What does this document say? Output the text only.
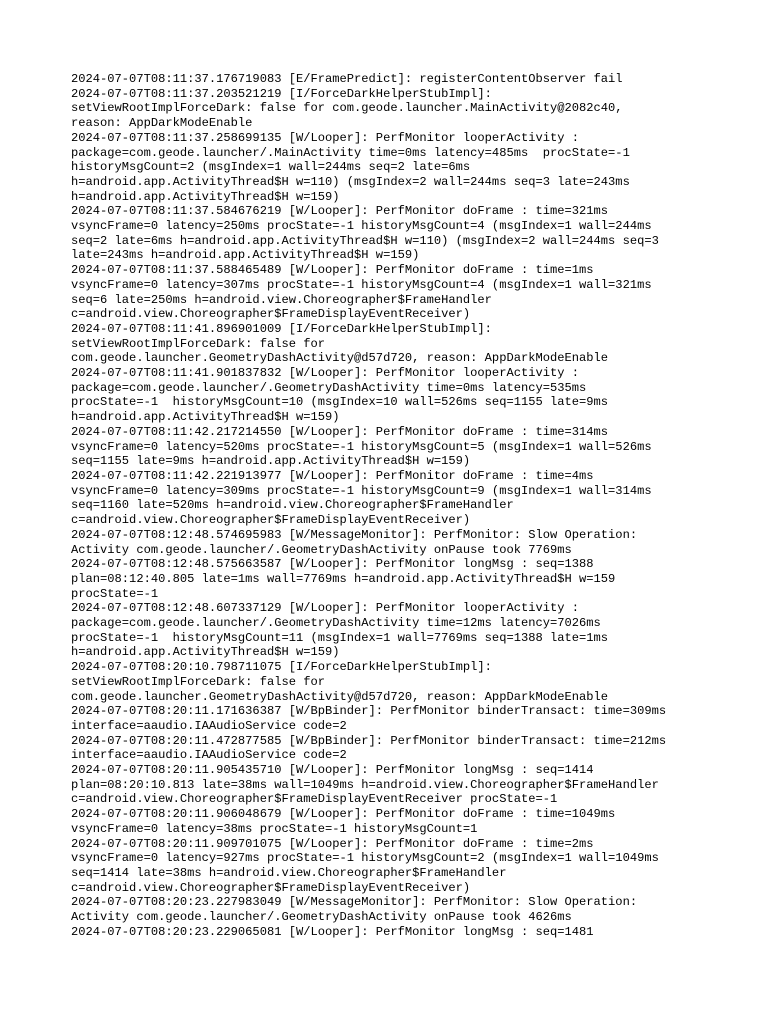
2024-07-07T08:11:37.176719083 [E/FramePredict]: registerContentObserver fail
2024-07-07T08:11:37.203521219 [I/ForceDarkHelperStubImpl]:
setViewRootImplForceDark: false for com.geode.launcher.MainActivity@2082c40,
reason: AppDarkModeEnable
2024-07-07T08:11:37.258699135 [W/Looper]: PerfMonitor looperActivity :
package=com.geode.launcher/.MainActivity time=0ms latency=485ms  procState=-1
historyMsgCount=2 (msgIndex=1 wall=244ms seq=2 late=6ms
h=android.app.ActivityThread$H w=110) (msgIndex=2 wall=244ms seq=3 late=243ms
h=android.app.ActivityThread$H w=159)
2024-07-07T08:11:37.584676219 [W/Looper]: PerfMonitor doFrame : time=321ms
vsyncFrame=0 latency=250ms procState=-1 historyMsgCount=4 (msgIndex=1 wall=244ms
seq=2 late=6ms h=android.app.ActivityThread$H w=110) (msgIndex=2 wall=244ms seq=3
late=243ms h=android.app.ActivityThread$H w=159)
2024-07-07T08:11:37.588465489 [W/Looper]: PerfMonitor doFrame : time=1ms
vsyncFrame=0 latency=307ms procState=-1 historyMsgCount=4 (msgIndex=1 wall=321ms
seq=6 late=250ms h=android.view.Choreographer$FrameHandler
c=android.view.Choreographer$FrameDisplayEventReceiver)
2024-07-07T08:11:41.896901009 [I/ForceDarkHelperStubImpl]:
setViewRootImplForceDark: false for
com.geode.launcher.GeometryDashActivity@d57d720, reason: AppDarkModeEnable
2024-07-07T08:11:41.901837832 [W/Looper]: PerfMonitor looperActivity :
package=com.geode.launcher/.GeometryDashActivity time=0ms latency=535ms
procState=-1  historyMsgCount=10 (msgIndex=10 wall=526ms seq=1155 late=9ms
h=android.app.ActivityThread$H w=159)
2024-07-07T08:11:42.217214550 [W/Looper]: PerfMonitor doFrame : time=314ms
vsyncFrame=0 latency=520ms procState=-1 historyMsgCount=5 (msgIndex=1 wall=526ms
seq=1155 late=9ms h=android.app.ActivityThread$H w=159)
2024-07-07T08:11:42.221913977 [W/Looper]: PerfMonitor doFrame : time=4ms
vsyncFrame=0 latency=309ms procState=-1 historyMsgCount=9 (msgIndex=1 wall=314ms
seq=1160 late=520ms h=android.view.Choreographer$FrameHandler
c=android.view.Choreographer$FrameDisplayEventReceiver)
2024-07-07T08:12:48.574695983 [W/MessageMonitor]: PerfMonitor: Slow Operation:
Activity com.geode.launcher/.GeometryDashActivity onPause took 7769ms
2024-07-07T08:12:48.575663587 [W/Looper]: PerfMonitor longMsg : seq=1388
plan=08:12:40.805 late=1ms wall=7769ms h=android.app.ActivityThread$H w=159
procState=-1
2024-07-07T08:12:48.607337129 [W/Looper]: PerfMonitor looperActivity :
package=com.geode.launcher/.GeometryDashActivity time=12ms latency=7026ms
procState=-1  historyMsgCount=11 (msgIndex=1 wall=7769ms seq=1388 late=1ms
h=android.app.ActivityThread$H w=159)
2024-07-07T08:20:10.798711075 [I/ForceDarkHelperStubImpl]:
setViewRootImplForceDark: false for
com.geode.launcher.GeometryDashActivity@d57d720, reason: AppDarkModeEnable
2024-07-07T08:20:11.171636387 [W/BpBinder]: PerfMonitor binderTransact: time=309ms
interface=aaudio.IAAudioService code=2
2024-07-07T08:20:11.472877585 [W/BpBinder]: PerfMonitor binderTransact: time=212ms
interface=aaudio.IAAudioService code=2
2024-07-07T08:20:11.905435710 [W/Looper]: PerfMonitor longMsg : seq=1414
plan=08:20:10.813 late=38ms wall=1049ms h=android.view.Choreographer$FrameHandler
c=android.view.Choreographer$FrameDisplayEventReceiver procState=-1
2024-07-07T08:20:11.906048679 [W/Looper]: PerfMonitor doFrame : time=1049ms
vsyncFrame=0 latency=38ms procState=-1 historyMsgCount=1
2024-07-07T08:20:11.909701075 [W/Looper]: PerfMonitor doFrame : time=2ms
vsyncFrame=0 latency=927ms procState=-1 historyMsgCount=2 (msgIndex=1 wall=1049ms
seq=1414 late=38ms h=android.view.Choreographer$FrameHandler
c=android.view.Choreographer$FrameDisplayEventReceiver)
2024-07-07T08:20:23.227983049 [W/MessageMonitor]: PerfMonitor: Slow Operation:
Activity com.geode.launcher/.GeometryDashActivity onPause took 4626ms
2024-07-07T08:20:23.229065081 [W/Looper]: PerfMonitor longMsg : seq=1481
